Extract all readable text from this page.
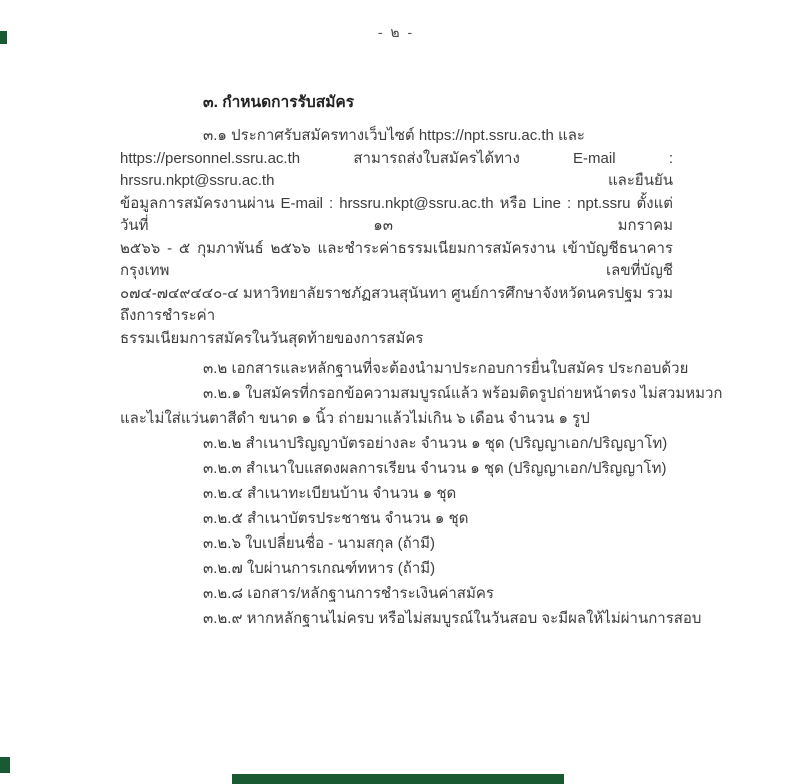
- ๒ -
๓. กำหนดการรับสมัคร
๓.๑ ประกาศรับสมัครทางเว็บไซต์ https://npt.ssru.ac.th และ
https://personnel.ssru.ac.th สามารถส่งใบสมัครได้ทาง E-mail : hrssru.nkpt@ssru.ac.th และยืนยัน
ข้อมูลการสมัครงานผ่าน E-mail : hrssru.nkpt@ssru.ac.th หรือ Line : npt.ssru ตั้งแต่วันที่ ๑๓ มกราคม
๒๕๖๖ - ๕ กุมภาพันธ์ ๒๕๖๖ และชำระค่าธรรมเนียมการสมัครงาน เข้าบัญชีธนาคารกรุงเทพ เลขที่บัญชี
๐๗๔-๗๔๙๔๔๐-๔ มหาวิทยาลัยราชภัฏสวนสุนันทา ศูนย์การศึกษาจังหวัดนครปฐม รวมถึงการชำระค่า
ธรรมเนียมการสมัครในวันสุดท้ายของการสมัคร
๓.๒ เอกสารและหลักฐานที่จะต้องนำมาประกอบการยื่นใบสมัคร ประกอบด้วย
๓.๒.๑ ใบสมัครที่กรอกข้อความสมบูรณ์แล้ว พร้อมติดรูปถ่ายหน้าตรง ไม่สวมหมวก
และไม่ใส่แว่นตาสีดำ ขนาด ๑ นิ้ว ถ่ายมาแล้วไม่เกิน ๖ เดือน จำนวน ๑ รูป
๓.๒.๒ สำเนาปริญญาบัตรอย่างละ จำนวน ๑ ชุด (ปริญญาเอก/ปริญญาโท)
๓.๒.๓ สำเนาใบแสดงผลการเรียน จำนวน ๑ ชุด (ปริญญาเอก/ปริญญาโท)
๓.๒.๔ สำเนาทะเบียนบ้าน จำนวน ๑ ชุด
๓.๒.๕ สำเนาบัตรประชาชน จำนวน ๑ ชุด
๓.๒.๖ ใบเปลี่ยนชื่อ - นามสกุล (ถ้ามี)
๓.๒.๗ ใบผ่านการเกณฑ์ทหาร (ถ้ามี)
๓.๒.๘ เอกสาร/หลักฐานการชำระเงินค่าสมัคร
๓.๒.๙ หากหลักฐานไม่ครบ หรือไม่สมบูรณ์ในวันสอบ จะมีผลให้ไม่ผ่านการสอบ
